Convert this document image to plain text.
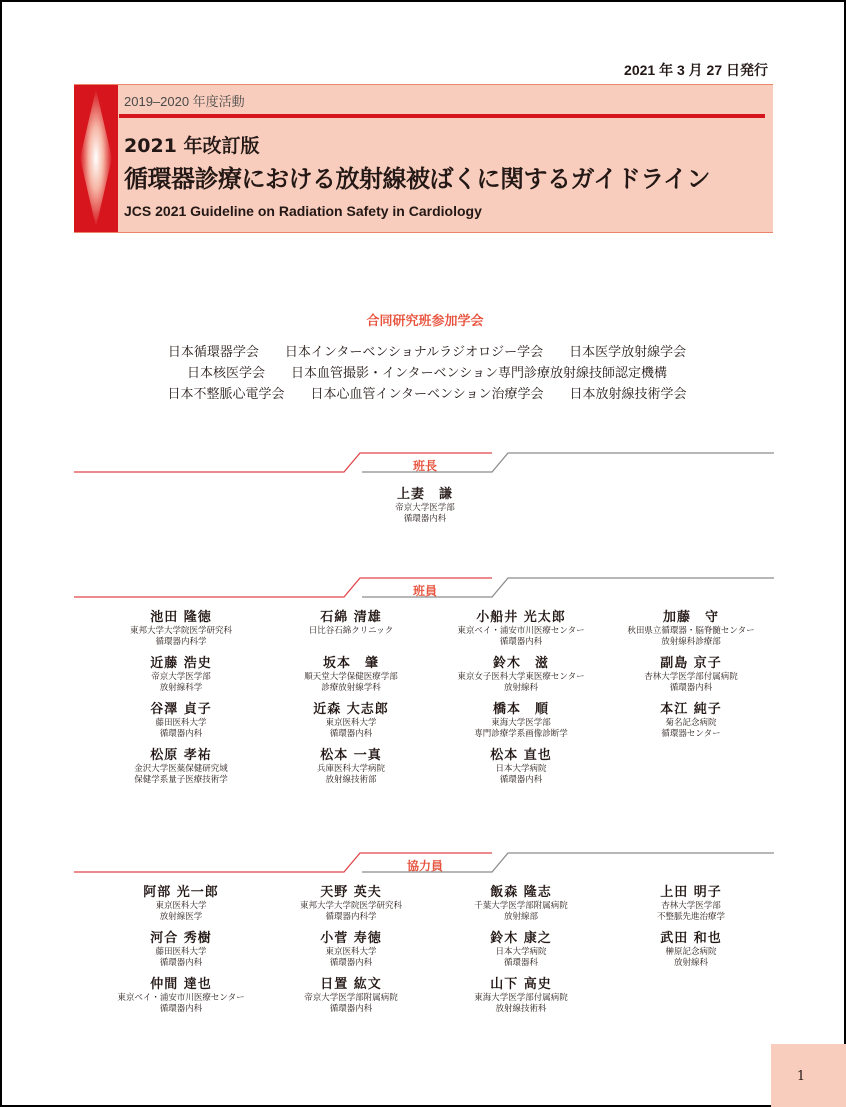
2021 年 3 月 27 日発行
2019–2020 年度活動
2021 年改訂版
循環器診療における放射線被ばくに関するガイドライン
JCS 2021 Guideline on Radiation Safety in Cardiology
合同研究班参加学会
日本循環器学会 日本インターベンショナルラジオロジー学会 日本医学放射線学会
日本核医学会 日本血管撮影・インターベンション専門診療放射線技師認定機構
日本不整脈心電学会 日本心血管インターベンション治療学会 日本放射線技術学会
班長
上妻　謙
帝京大学医学部
循環器内科
班員
池田 隆徳
東邦大学大学院医学研究科
循環器内科学
石綿 清雄
日比谷石綿クリニック
小船井 光太郎
東京ベイ・浦安市川医療センター
循環器内科
加藤　守
秋田県立循環器・脳脊髄センター
放射線科診療部
近藤 浩史
帝京大学医学部
放射線科学
坂本　肇
順天堂大学保健医療学部
診療放射線学科
鈴木　滋
東京女子医科大学東医療センター
放射線科
副島 京子
杏林大学医学部付属病院
循環器内科
谷澤 貞子
藤田医科大学
循環器内科
近森 大志郎
東京医科大学
循環器内科
橋本　順
東海大学医学部
専門診療学系画像診断学
本江 純子
菊名記念病院
循環器センター
松原 孝祐
金沢大学医薬保健研究域
保健学系量子医療技術学
松本 一真
兵庫医科大学病院
放射線技術部
松本 直也
日本大学病院
循環器内科
協力員
阿部 光一郎
東京医科大学
放射線医学
天野 英夫
東邦大学大学院医学研究科
循環器内科学
飯森 隆志
千葉大学医学部附属病院
放射線部
上田 明子
杏林大学医学部
不整脈先進治療学
河合 秀樹
藤田医科大学
循環器内科
小菅 寿徳
東京医科大学
循環器内科
鈴木 康之
日本大学病院
循環器科
武田 和也
榊原記念病院
放射線科
仲間 達也
東京ベイ・浦安市川医療センター
循環器内科
日置 紘文
帝京大学医学部附属病院
循環器内科
山下 高史
東海大学医学部付属病院
放射線技術科
1
